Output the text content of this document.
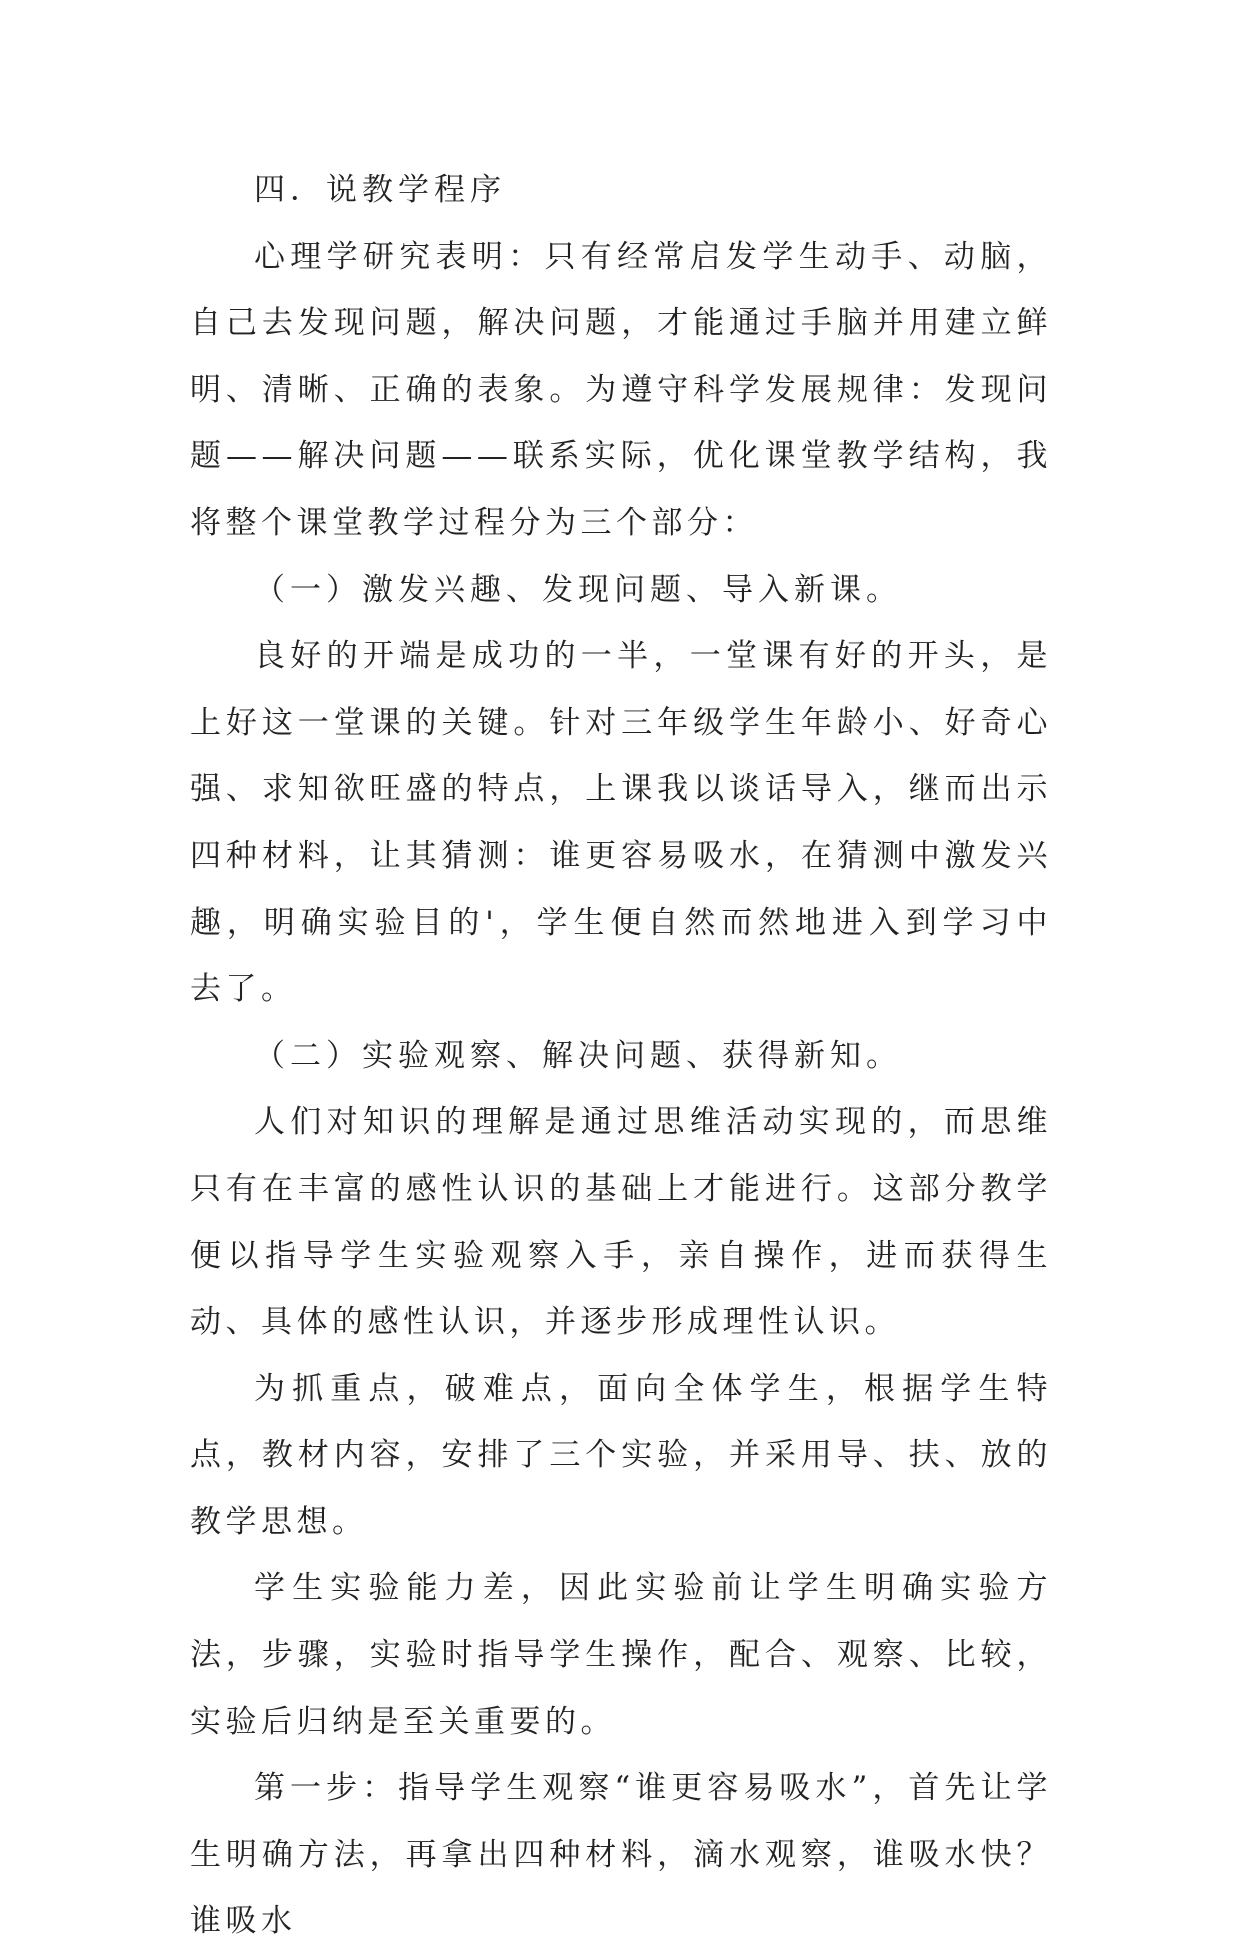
四．说教学程序

心理学研究表明：只有经常启发学生动手、动脑，自己去发现问题，解决问题，才能通过手脑并用建立鲜明、清晰、正确的表象。为遵守科学发展规律：发现问题——解决问题——联系实际，优化课堂教学结构，我将整个课堂教学过程分为三个部分：

（一）激发兴趣、发现问题、导入新课。

良好的开端是成功的一半，一堂课有好的开头，是上好这一堂课的关键。针对三年级学生年龄小、好奇心强、求知欲旺盛的特点，上课我以谈话导入，继而出示四种材料，让其猜测：谁更容易吸水，在猜测中激发兴趣，明确实验目的'，学生便自然而然地进入到学习中去了。

（二）实验观察、解决问题、获得新知。

人们对知识的理解是通过思维活动实现的，而思维只有在丰富的感性认识的基础上才能进行。这部分教学便以指导学生实验观察入手，亲自操作，进而获得生动、具体的感性认识，并逐步形成理性认识。

为抓重点，破难点，面向全体学生，根据学生特点，教材内容，安排了三个实验，并采用导、扶、放的教学思想。

学生实验能力差，因此实验前让学生明确实验方法，步骤，实验时指导学生操作，配合、观察、比较，实验后归纳是至关重要的。

第一步：指导学生观察“谁更容易吸水”，首先让学生明确方法，再拿出四种材料，滴水观察，谁吸水快？谁吸水
